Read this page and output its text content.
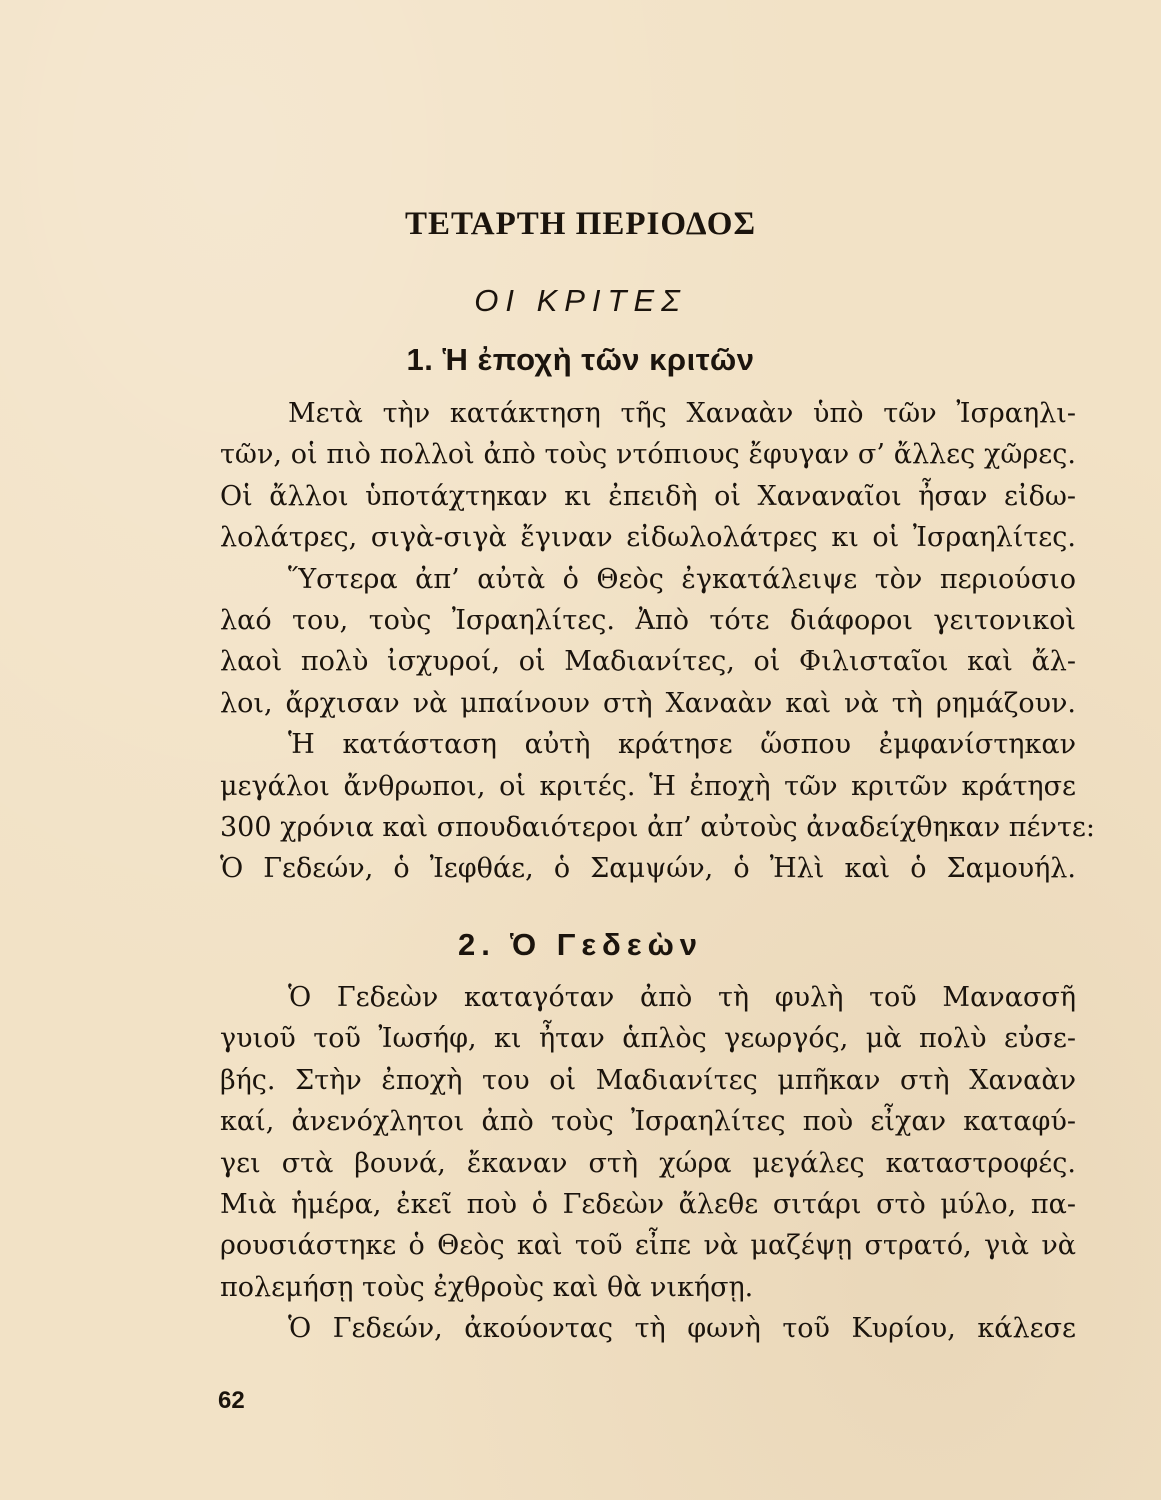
ΤΕΤΑΡΤΗ ΠΕΡΙΟΔΟΣ
ΟΙ ΚΡΙΤΕΣ
1. Ἡ ἐποχὴ τῶν κριτῶν
Μετὰ τὴν κατάκτηση τῆς Χαναὰν ὑπὸ τῶν Ἰσραηλι-
τῶν, οἱ πιὸ πολλοὶ ἀπὸ τοὺς ντόπιους ἔφυγαν σ’ ἄλλες χῶρες.
Οἱ ἄλλοι ὑποτάχτηκαν κι ἐπειδὴ οἱ Χαναναῖοι ἦσαν εἰδω-
λολάτρες, σιγὰ-σιγὰ ἔγιναν εἰδωλολάτρες κι οἱ Ἰσραηλίτες.
Ὕστερα ἀπ’ αὐτὰ ὁ Θεὸς ἐγκατάλειψε τὸν περιούσιο
λαό του, τοὺς Ἰσραηλίτες. Ἀπὸ τότε διάφοροι γειτονικοὶ
λαοὶ πολὺ ἰσχυροί, οἱ Μαδιανίτες, οἱ Φιλισταῖοι καὶ ἄλ-
λοι, ἄρχισαν νὰ μπαίνουν στὴ Χαναὰν καὶ νὰ τὴ ρημάζουν.
Ἡ κατάσταση αὐτὴ κράτησε ὥσπου ἐμφανίστηκαν
μεγάλοι ἄνθρωποι, οἱ κριτές. Ἡ ἐποχὴ τῶν κριτῶν κράτησε
300 χρόνια καὶ σπουδαιότεροι ἀπ’ αὐτοὺς ἀναδείχθηκαν πέντε:
Ὁ Γεδεών, ὁ Ἰεφθάε, ὁ Σαμψών, ὁ Ἠλὶ καὶ ὁ Σαμουήλ.
2. Ὁ Γεδεὼν
Ὁ Γεδεὼν καταγόταν ἀπὸ τὴ φυλὴ τοῦ Μανασσῆ
γυιοῦ τοῦ Ἰωσήφ, κι ἦταν ἁπλὸς γεωργός, μὰ πολὺ εὐσε-
βής. Στὴν ἐποχὴ του οἱ Μαδιανίτες μπῆκαν στὴ Χαναὰν
καί, ἀνενόχλητοι ἀπὸ τοὺς Ἰσραηλίτες ποὺ εἶχαν καταφύ-
γει στὰ βουνά, ἔκαναν στὴ χώρα μεγάλες καταστροφές.
Μιὰ ἡμέρα, ἐκεῖ ποὺ ὁ Γεδεὼν ἄλεθε σιτάρι στὸ μύλο, πα-
ρουσιάστηκε ὁ Θεὸς καὶ τοῦ εἶπε νὰ μαζέψῃ στρατό, γιὰ νὰ
πολεμήσῃ τοὺς ἐχθροὺς καὶ θὰ νικήσῃ.
Ὁ Γεδεών, ἀκούοντας τὴ φωνὴ τοῦ Κυρίου, κάλεσε
62
